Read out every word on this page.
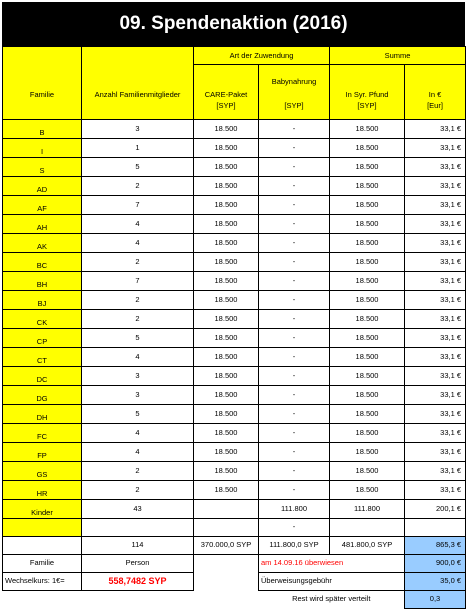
09. Spendenaktion (2016)
		Art der Zuwendung		Summe	
Familie	Anzahl Familienmitglieder	CARE-Paket	Babynahrung	In Syr. Pfund	In €
		[SYP]	[SYP]	[SYP]	[Eur]
B	3	18.500	-	18.500	33,1 €
I	1	18.500	-	18.500	33,1 €
S	5	18.500	-	18.500	33,1 €
AD	2	18.500	-	18.500	33,1 €
AF	7	18.500	-	18.500	33,1 €
AH	4	18.500	-	18.500	33,1 €
AK	4	18.500	-	18.500	33,1 €
BC	2	18.500	-	18.500	33,1 €
BH	7	18.500	-	18.500	33,1 €
BJ	2	18.500	-	18.500	33,1 €
CK	2	18.500	-	18.500	33,1 €
CP	5	18.500	-	18.500	33,1 €
CT	4	18.500	-	18.500	33,1 €
DC	3	18.500	-	18.500	33,1 €
DG	3	18.500	-	18.500	33,1 €
DH	5	18.500	-	18.500	33,1 €
FC	4	18.500	-	18.500	33,1 €
FP	4	18.500	-	18.500	33,1 €
GS	2	18.500	-	18.500	33,1 €
HR	2	18.500	-	18.500	33,1 €
Kinder	43		111.800	111.800	200,1 €
			-		
	114	370.000,0 SYP	111.800,0 SYP	481.800,0 SYP	865,3 €
Familie	Person		am 14.09.16 überwiesen		900,0 €
Wechselkurs: 1€=	558,7482 SYP		Überweisungsgebühr		35,0 €
			Rest wird später verteilt		0,3
